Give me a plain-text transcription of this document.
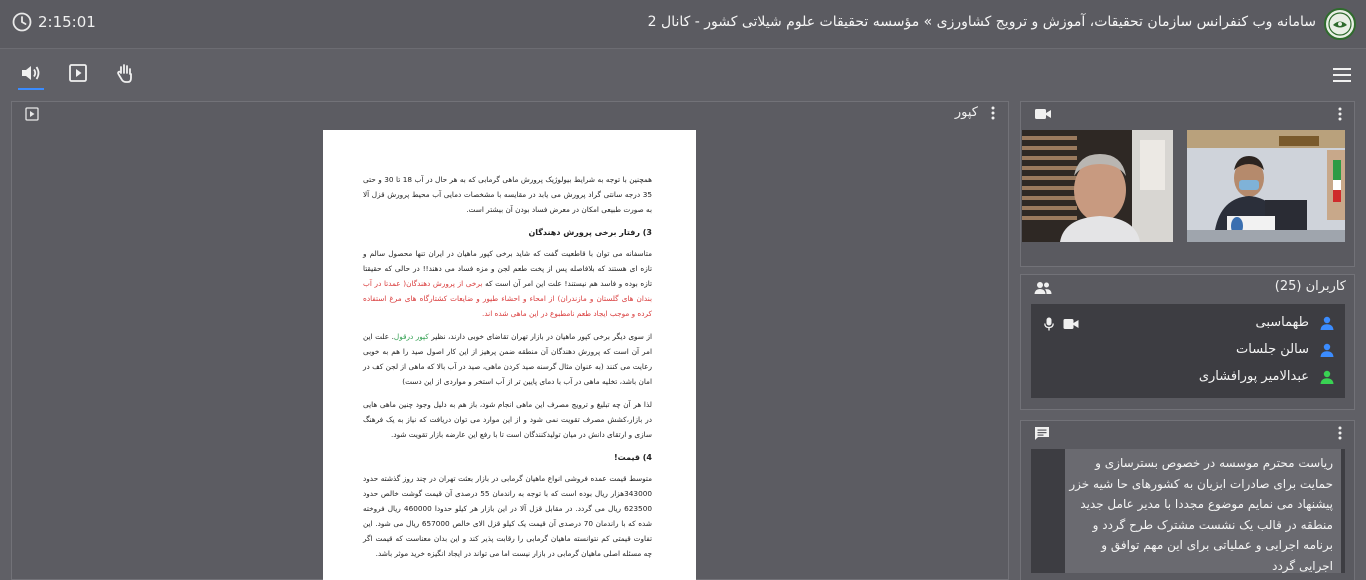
2:15:01	سامانه وب کنفرانس سازمان تحقیقات، آموزش و ترویج کشاورزی » مؤسسه تحقیقات علوم شیلاتی کشور - کانال 2
کپور

همچنین با توجه به شرایط بیولوژیک پرورش ماهی گرمابی که به هر حال در آب 18 تا 30 و حتی 35 درجه سانتی گراد پرورش می یابد در مقایسه با مشخصات دمایی آب محیط پرورش قزل آلا به صورت طبیعی امکان در معرض فساد بودن آن بیشتر است.

3) رفتار برخی پرورش دهندگان

متاسفانه می توان با قاطعیت گفت که شاید برخی کپور ماهیان در ایران تنها محصول سالم و تازه ای هستند که بلافاصله پس از پخت طعم لجن و مزه فساد می دهند!! در حالی که حقیقتا تازه بوده و فاسد هم نیستند! علت این امر آن است که برخی از پرورش دهندگان( عمدتا در آب بندان های گلستان و مازندران) از امحاء و احشاء طیور و ضایعات کشتارگاه های مرغ استفاده کرده و موجب ایجاد طعم نامطبوع در این ماهی شده اند.

از سوی دیگر برخی کپور ماهیان در بازار تهران تقاضای خوبی دارند، نظیر کپور درقول. علت این امر آن است که پرورش دهندگان آن منطقه ضمن پرهیز از این کار اصول صید را هم به خوبی رعایت می کنند (به عنوان مثال گرسنه صید کردن ماهی، صید در آب بالا که ماهی از لجن کف در امان باشد، تخلیه ماهی در آب با دمای پایین تر از آب استخر و مواردی از این دست)

لذا هر آن چه تبلیغ و ترویج مصرف این ماهی انجام شود، باز هم به دلیل وجود چنین ماهی هایی در بازار،کشش مصرف تقویت نمی شود و از این موارد می توان دریافت که نیاز به یک فرهنگ سازی و ارتقای دانش در میان تولیدکنندگان است تا با رفع این عارضه بازار تقویت شود.

4) قیمت!

متوسط قیمت عمده فروشی انواع ماهیان گرمابی در بازار بعثت تهران در چند روز گذشته حدود 343000هزار ریال بوده است که با توجه به راندمان 55 درصدی آن قیمت گوشت خالص حدود 623500 ریال می گردد. در مقابل قزل آلا در این بازار هر کیلو حدودا 460000 ریال فروخته شده که با راندمان 70 درصدی آن قیمت یک کیلو قزل الای خالص 657000 ریال می شود. این تفاوت قیمتی کم نتوانسته ماهیان گرمابی را رقابت پذیر کند و این بدان معناست که قیمت اگر چه مسئله اصلی ماهیان گرمابی در بازار نیست اما می تواند در ایجاد انگیزه خرید موثر باشد.

کاربران (25)
طهماسبی
سالن جلسات
عبدالامیر پورافشاری
ریاست محترم موسسه در خصوص بسترسازی و حمایت برای صادرات ابزیان به کشورهای حا شیه خزر پیشنهاد می نمایم موضوع مجددا با مدیر عامل جدید منطقه در قالب یک نشست مشترک طرح گردد و برنامه اجرایی و عملیاتی برای این مهم توافق و اجرایی گردد
